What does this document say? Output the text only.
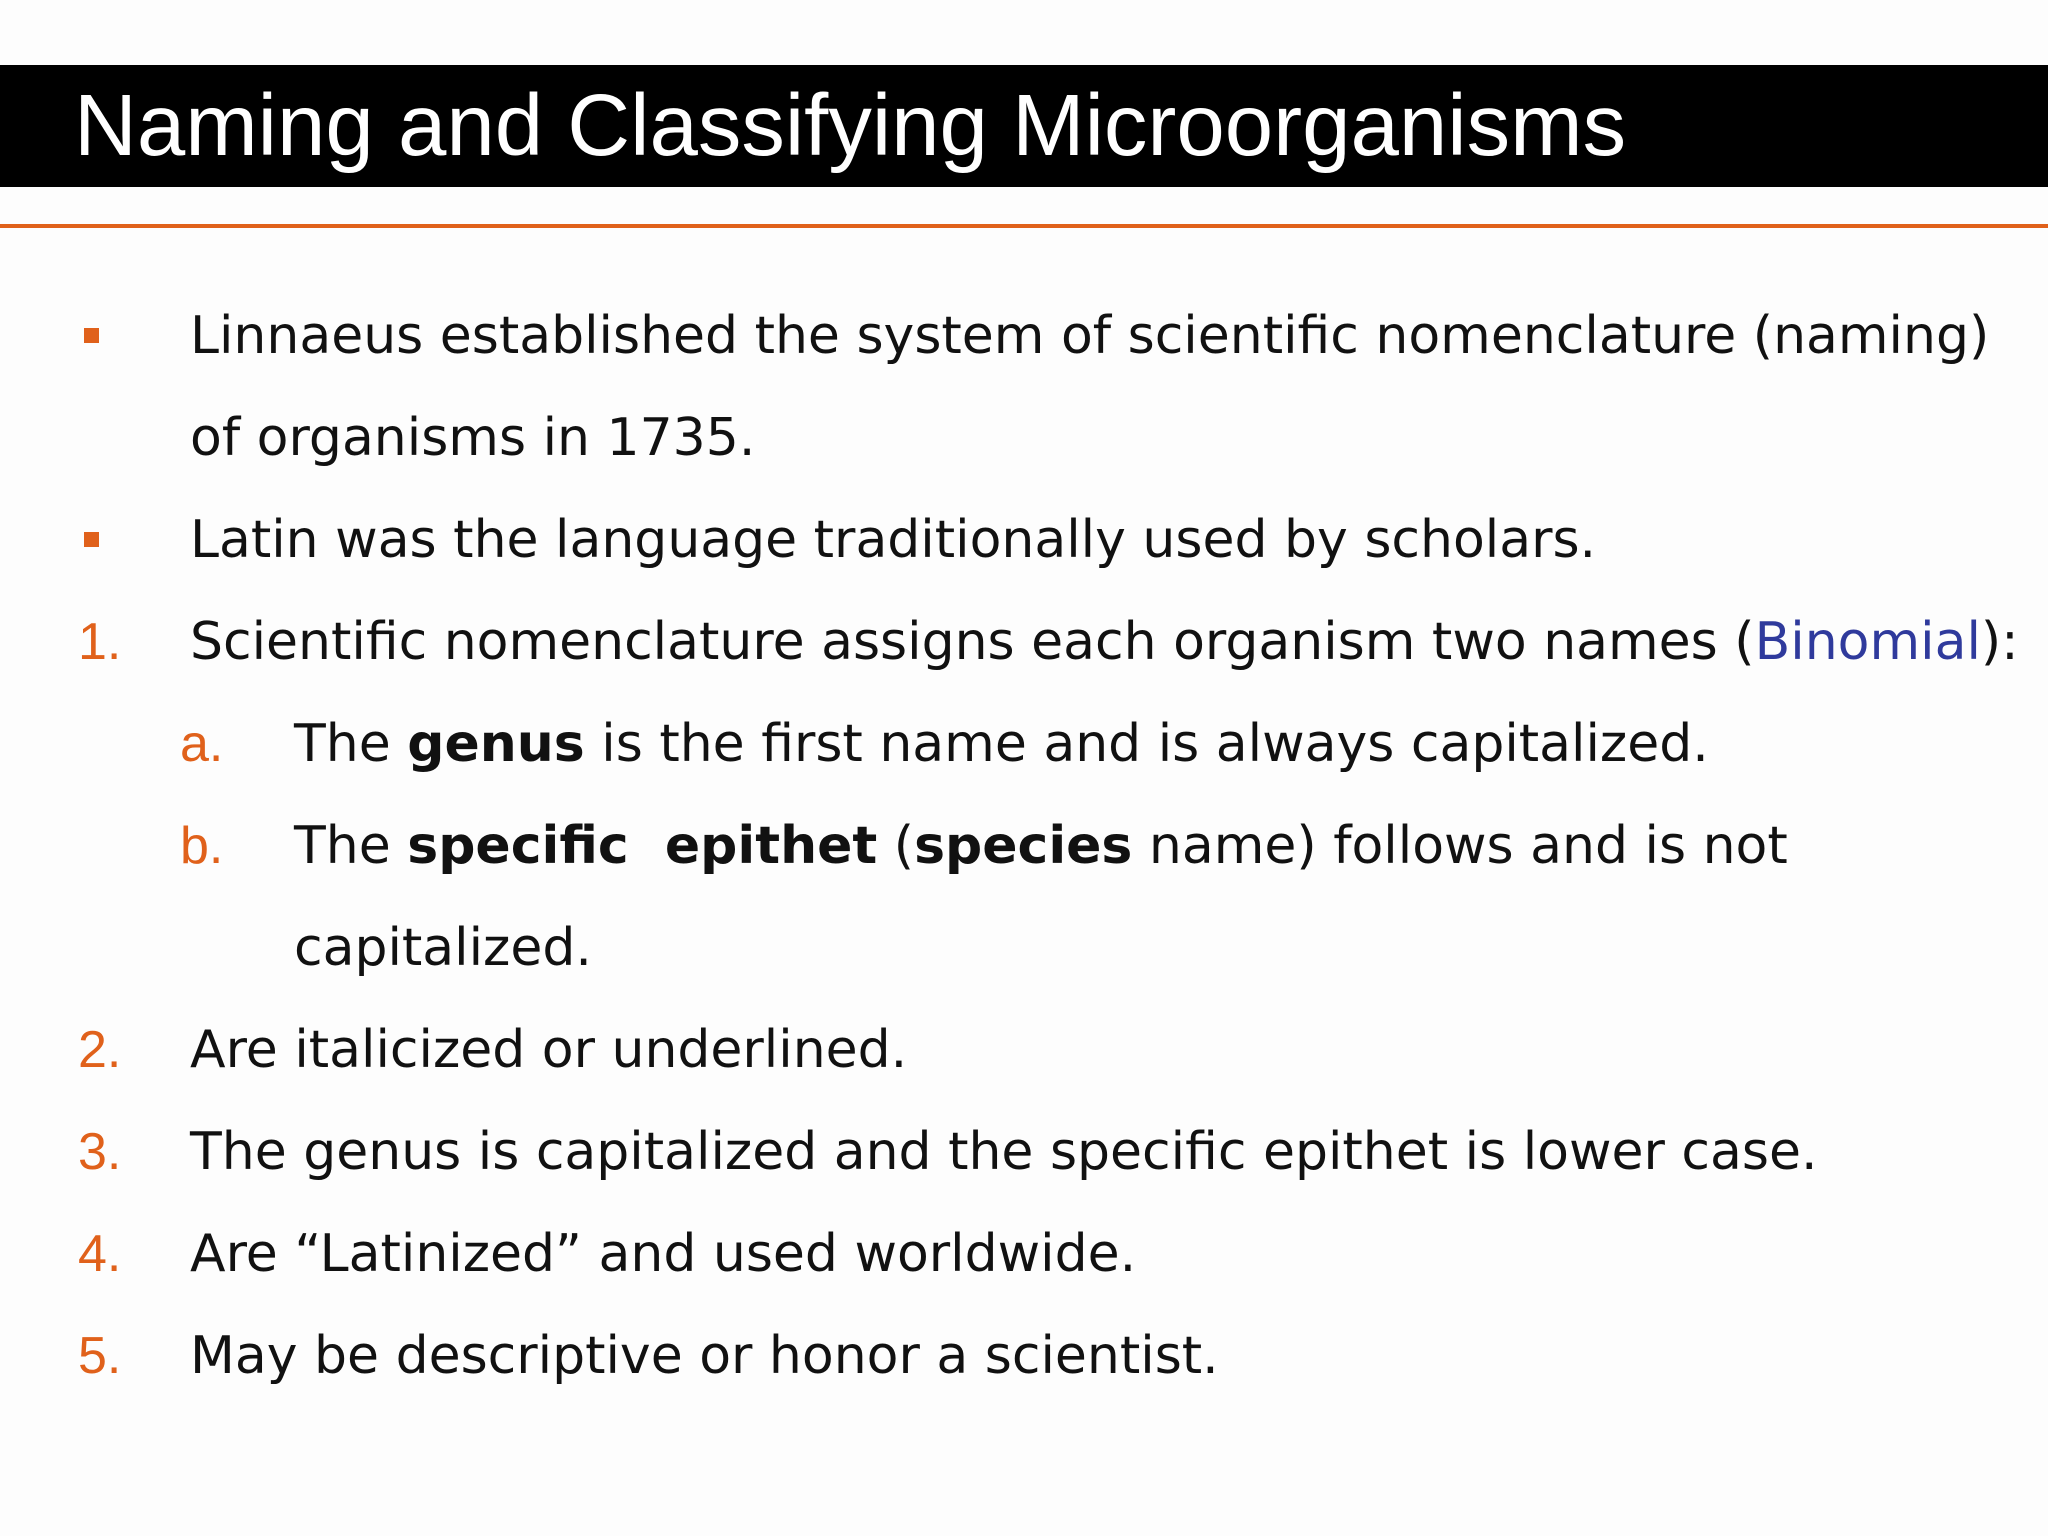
Naming and Classifying Microorganisms
Linnaeus established the system of scientific nomenclature (naming)
of organisms in 1735.
Latin was the language traditionally used by scholars.
1. Scientific nomenclature assigns each organism two names (Binomial):
a. The genus is the first name and is always capitalized.
b. The specific  epithet (species name) follows and is not
capitalized.
2. Are italicized or underlined.
3. The genus is capitalized and the specific epithet is lower case.
4. Are “Latinized” and used worldwide.
5. May be descriptive or honor a scientist.
